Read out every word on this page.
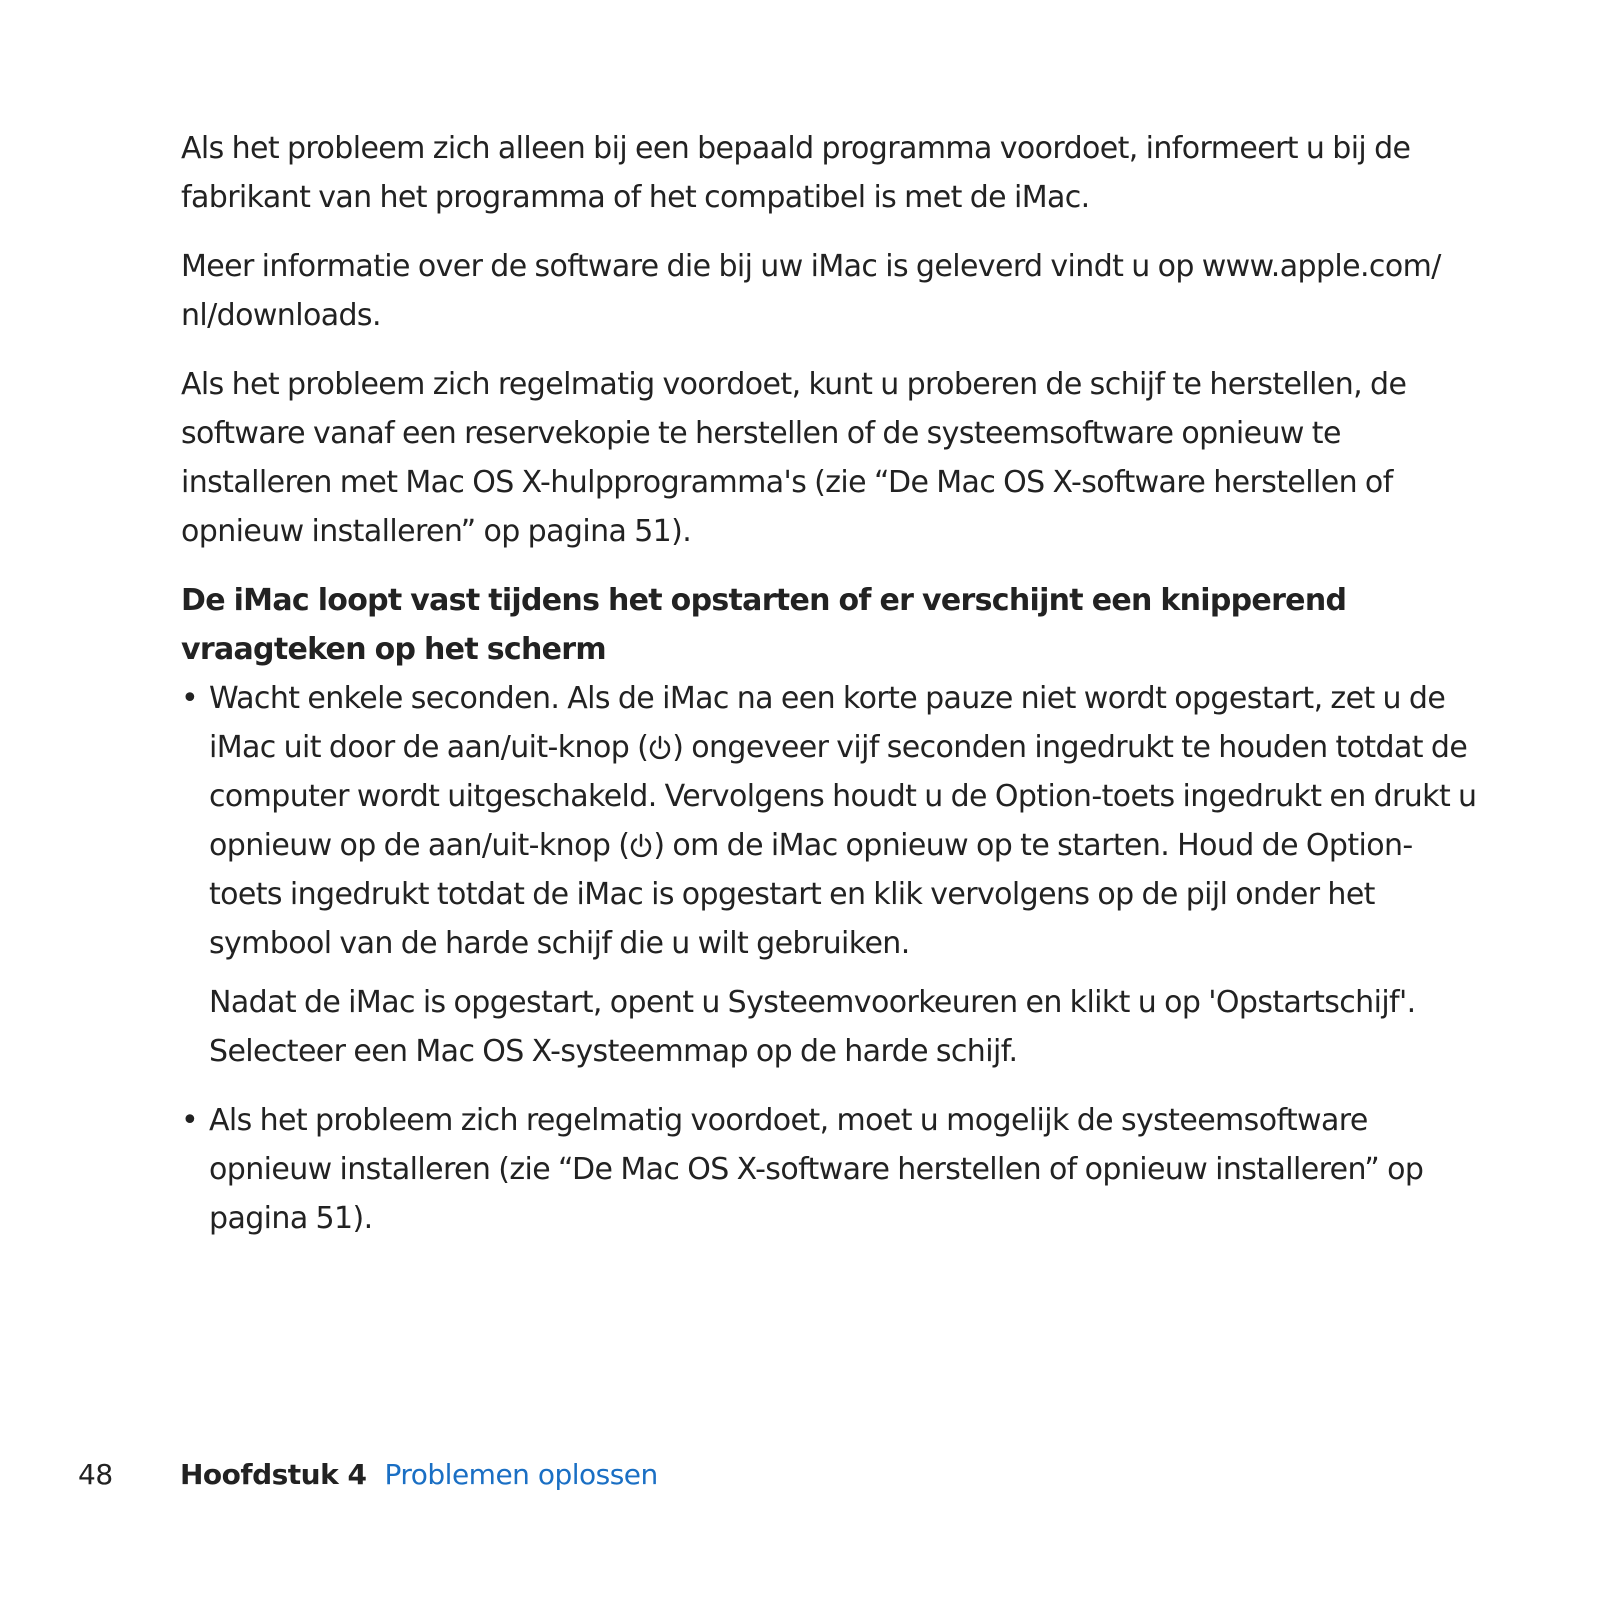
Als het probleem zich alleen bij een bepaald programma voordoet, informeert u bij de fabrikant van het programma of het compatibel is met de iMac.

Meer informatie over de software die bij uw iMac is geleverd vindt u op www.apple.com/ nl/downloads.

Als het probleem zich regelmatig voordoet, kunt u proberen de schijf te herstellen, de software vanaf een reservekopie te herstellen of de systeemsoftware opnieuw te installeren met Mac OS X-hulpprogramma's (zie “De Mac OS X-software herstellen of opnieuw installeren” op pagina 51).

De iMac loopt vast tijdens het opstarten of er verschijnt een knipperend vraagteken op het scherm
• Wacht enkele seconden. Als de iMac na een korte pauze niet wordt opgestart, zet u de iMac uit door de aan/uit-knop ( ) ongeveer vijf seconden ingedrukt te houden totdat de computer wordt uitgeschakeld. Vervolgens houdt u de Option-toets ingedrukt en drukt u opnieuw op de aan/uit-knop ( ) om de iMac opnieuw op te starten. Houd de Option-toets ingedrukt totdat de iMac is opgestart en klik vervolgens op de pijl onder het symbool van de harde schijf die u wilt gebruiken.

Nadat de iMac is opgestart, opent u Systeemvoorkeuren en klikt u op 'Opstartschijf'. Selecteer een Mac OS X-systeemmap op de harde schijf.

• Als het probleem zich regelmatig voordoet, moet u mogelijk de systeemsoftware opnieuw installeren (zie “De Mac OS X-software herstellen of opnieuw installeren” op pagina 51).

48 Hoofdstuk 4 Problemen oplossen
